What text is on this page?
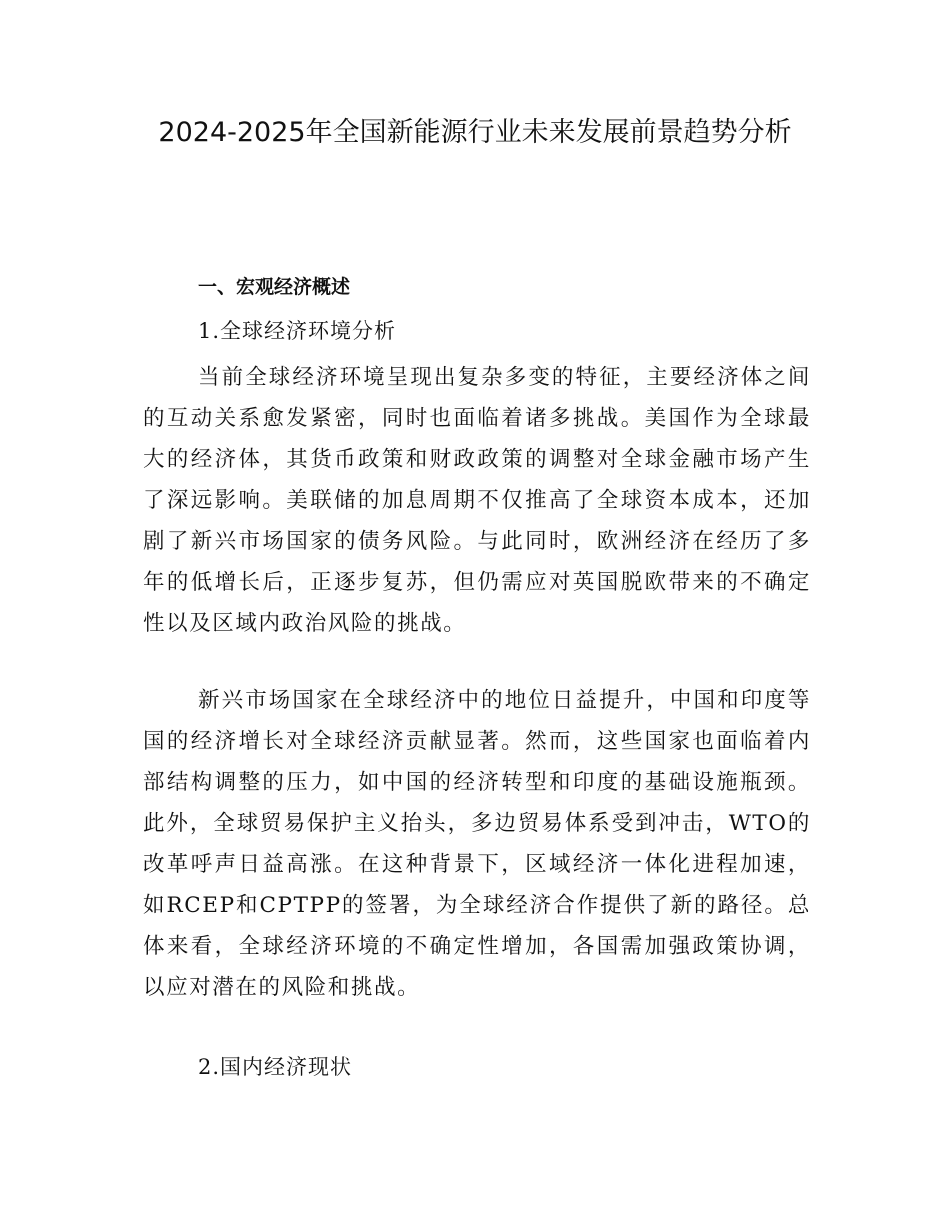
2024-2025年全国新能源行业未来发展前景趋势分析
一、宏观经济概述
1.全球经济环境分析

当前全球经济环境呈现出复杂多变的特征，主要经济体之间的互动关系愈发紧密，同时也面临着诸多挑战。美国作为全球最大的经济体，其货币政策和财政政策的调整对全球金融市场产生了深远影响。美联储的加息周期不仅推高了全球资本成本，还加剧了新兴市场国家的债务风险。与此同时，欧洲经济在经历了多年的低增长后，正逐步复苏，但仍需应对英国脱欧带来的不确定性以及区域内政治风险的挑战。

新兴市场国家在全球经济中的地位日益提升，中国和印度等国的经济增长对全球经济贡献显著。然而，这些国家也面临着内部结构调整的压力，如中国的经济转型和印度的基础设施瓶颈。此外，全球贸易保护主义抬头，多边贸易体系受到冲击，WTO的改革呼声日益高涨。在这种背景下，区域经济一体化进程加速，如RCEP和CPTPP的签署，为全球经济合作提供了新的路径。总体来看，全球经济环境的不确定性增加，各国需加强政策协调，以应对潜在的风险和挑战。

2.国内经济现状
